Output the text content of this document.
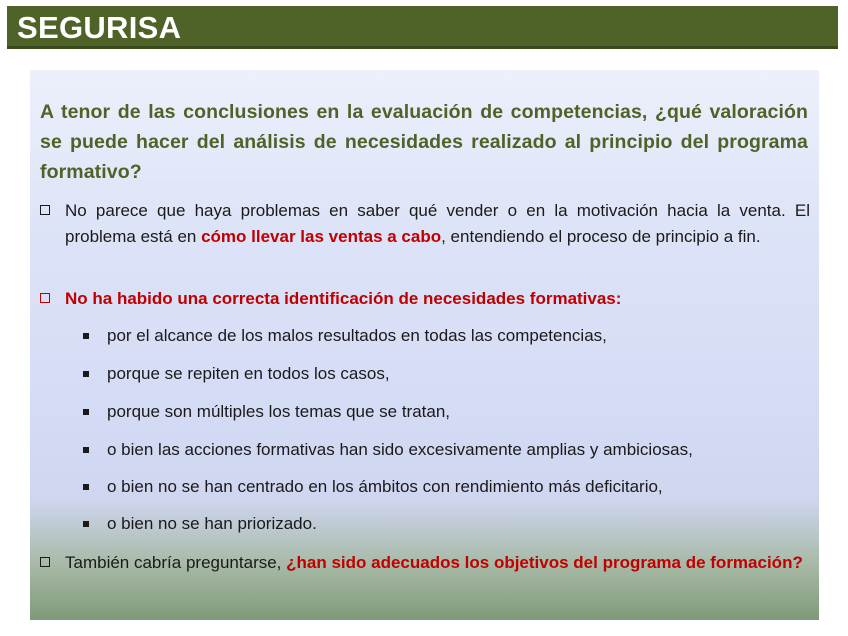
SEGURISA
A tenor de las conclusiones en la evaluación de competencias, ¿qué valoración se puede hacer del análisis de necesidades realizado al principio del programa formativo?
No parece que haya problemas en saber qué vender o en la motivación hacia la venta. El problema está en cómo llevar las ventas a cabo, entendiendo el proceso de principio a fin.
No ha habido una correcta identificación de necesidades formativas:
por el alcance de los malos resultados en todas las competencias,
porque se repiten en todos los casos,
porque son múltiples los temas que se tratan,
o bien las acciones formativas han sido excesivamente amplias y ambiciosas,
o bien no se han centrado en los ámbitos con rendimiento más deficitario,
o bien no se han priorizado.
También cabría preguntarse, ¿han sido adecuados los objetivos del programa de formación?
